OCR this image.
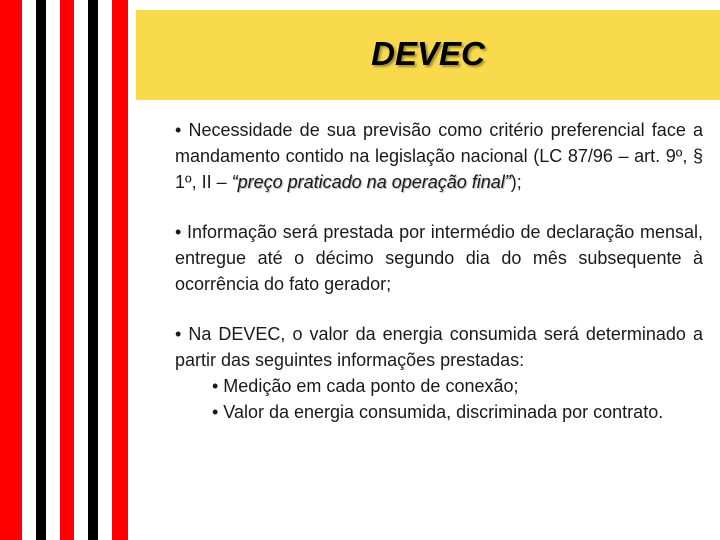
DEVEC

• Necessidade de sua previsão como critério preferencial face a mandamento contido na legislação nacional (LC 87/96 – art. 9º, § 1º, II – “preço praticado na operação final”);

• Informação será prestada por intermédio de declaração mensal, entregue até o décimo segundo dia do mês subsequente à ocorrência do fato gerador;

• Na DEVEC, o valor da energia consumida será determinado a partir das seguintes informações prestadas:

• Medição em cada ponto de conexão;

• Valor da energia consumida, discriminada por contrato.
